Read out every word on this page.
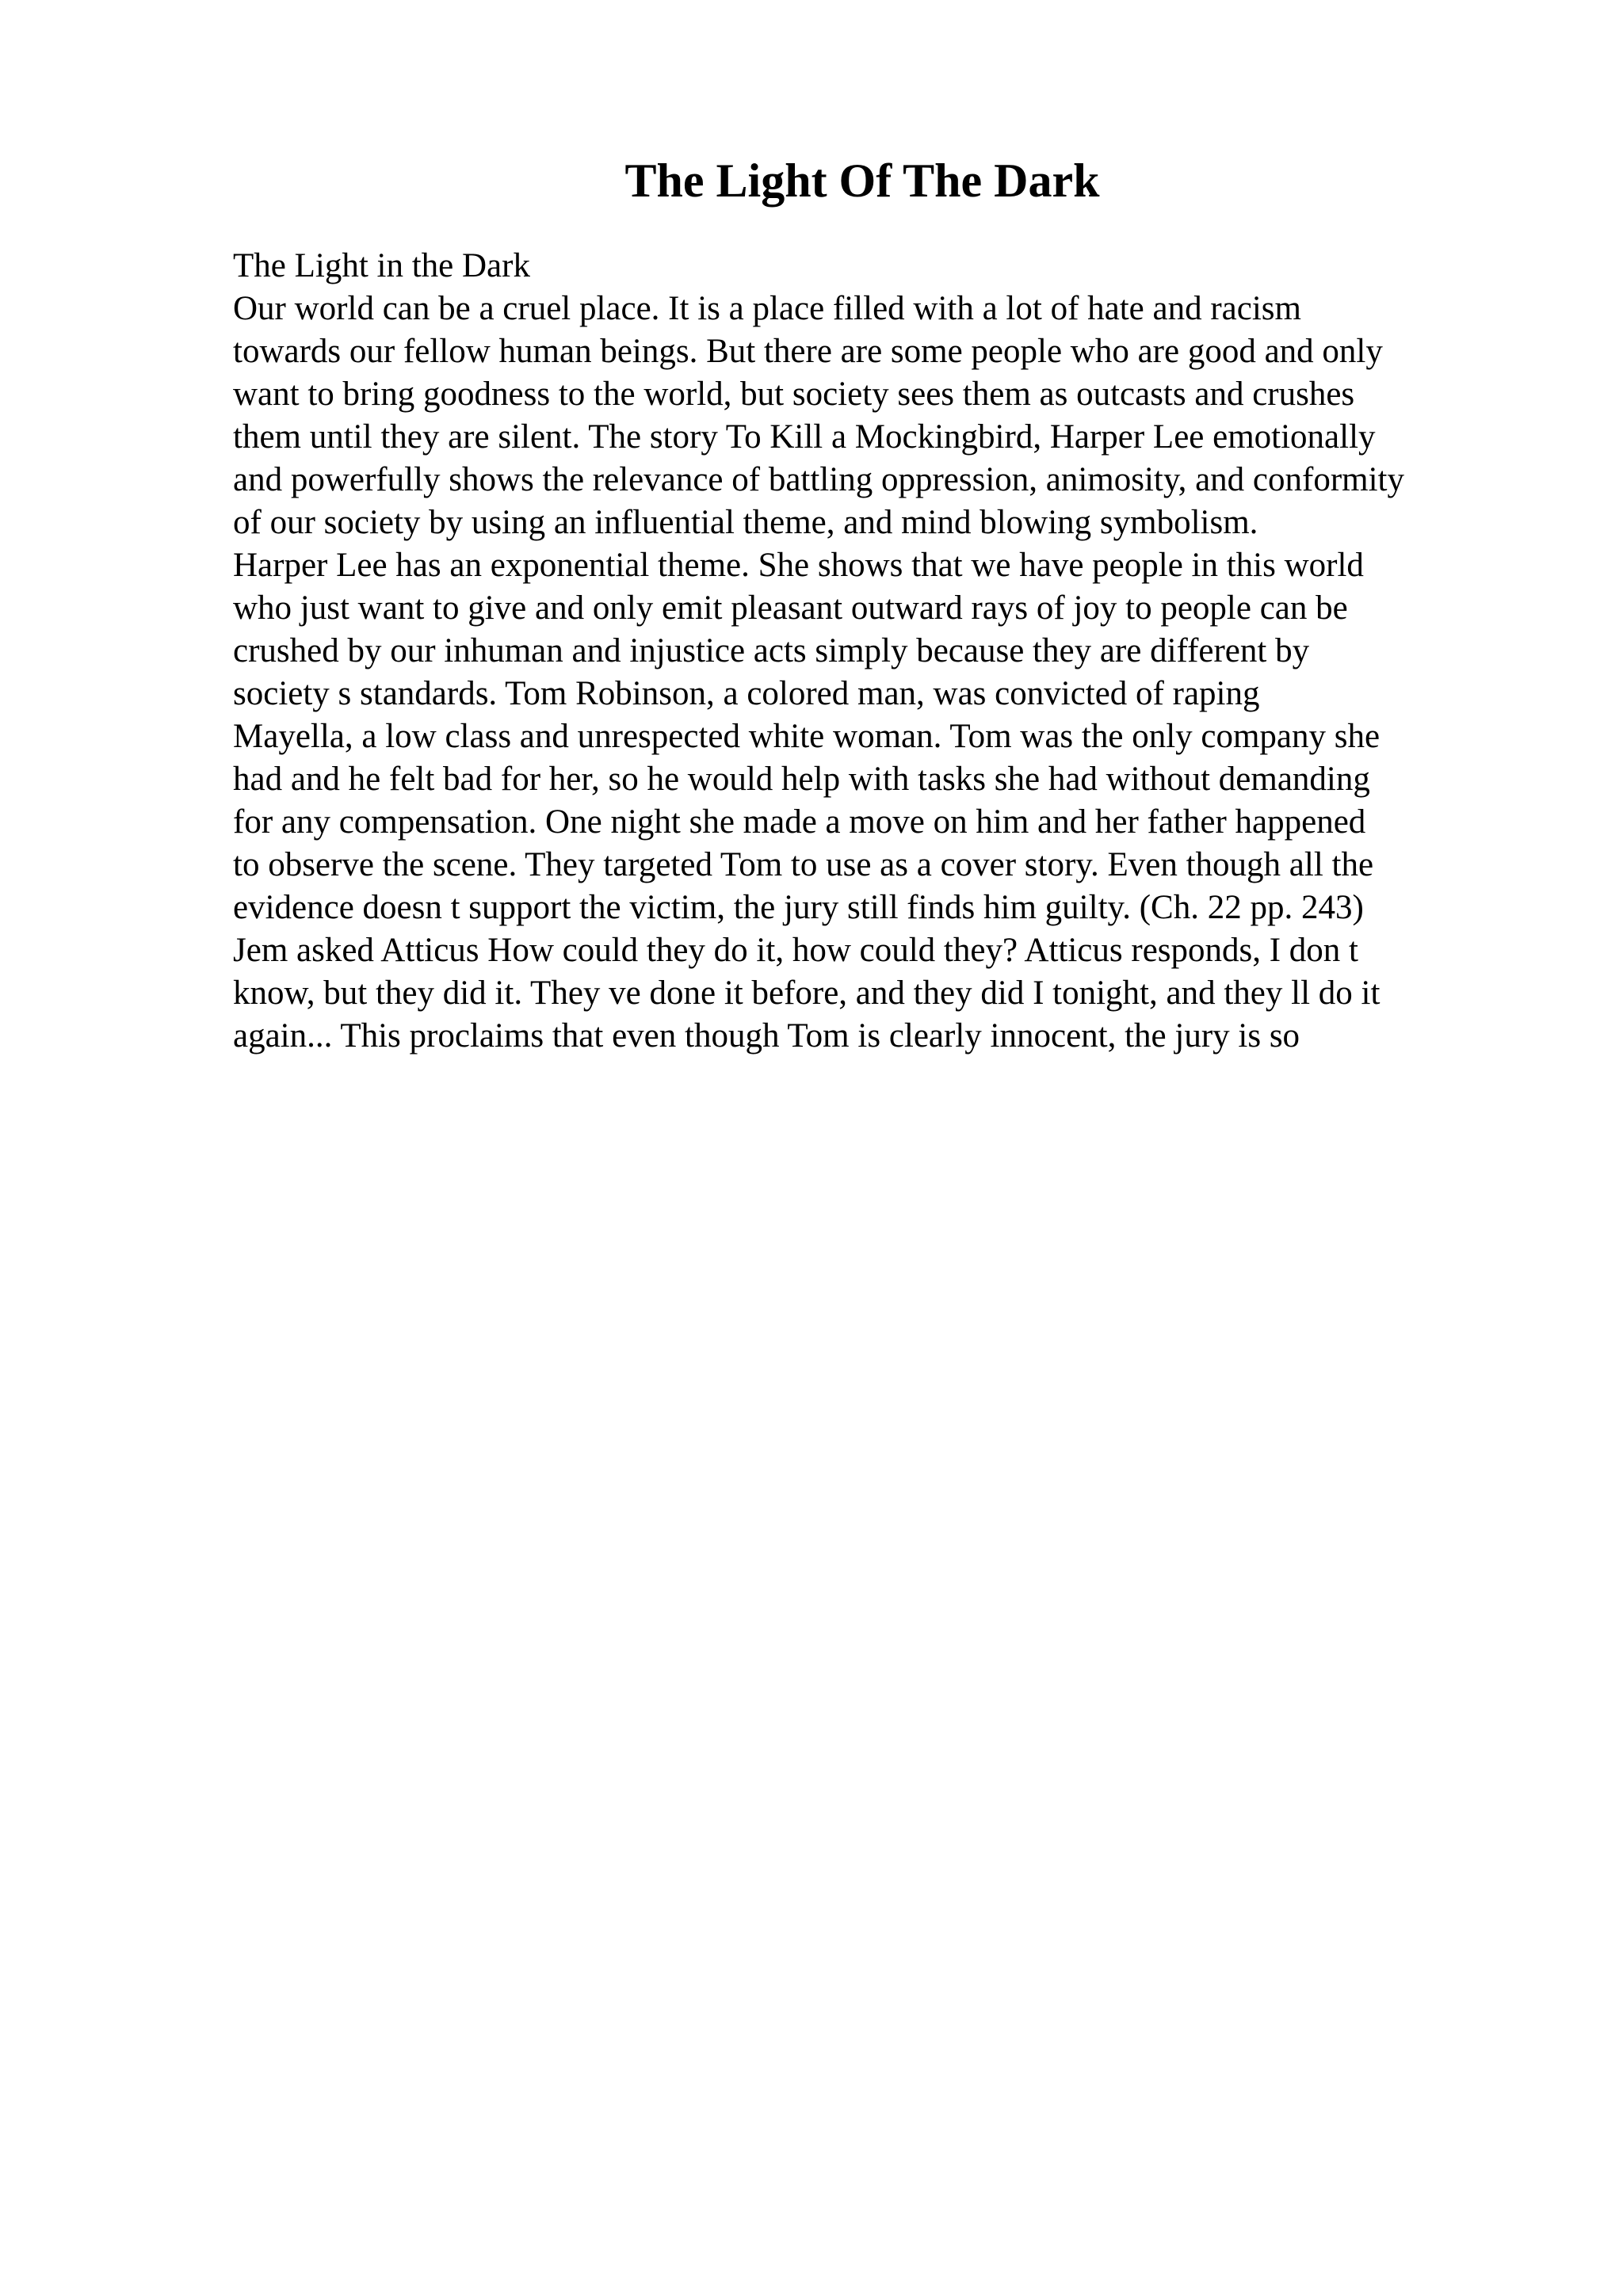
The Light Of The Dark
The Light in the Dark
Our world can be a cruel place. It is a place filled with a lot of hate and racism
towards our fellow human beings. But there are some people who are good and only
want to bring goodness to the world, but society sees them as outcasts and crushes
them until they are silent. The story To Kill a Mockingbird, Harper Lee emotionally
and powerfully shows the relevance of battling oppression, animosity, and conformity
of our society by using an influential theme, and mind blowing symbolism.
Harper Lee has an exponential theme. She shows that we have people in this world
who just want to give and only emit pleasant outward rays of joy to people can be
crushed by our inhuman and injustice acts simply because they are different by
society s standards. Tom Robinson, a colored man, was convicted of raping
Mayella, a low class and unrespected white woman. Tom was the only company she
had and he felt bad for her, so he would help with tasks she had without demanding
for any compensation. One night she made a move on him and her father happened
to observe the scene. They targeted Tom to use as a cover story. Even though all the
evidence doesn t support the victim, the jury still finds him guilty. (Ch. 22 pp. 243)
Jem asked Atticus How could they do it, how could they? Atticus responds, I don t
know, but they did it. They ve done it before, and they did I tonight, and they ll do it
again... This proclaims that even though Tom is clearly innocent, the jury is so
